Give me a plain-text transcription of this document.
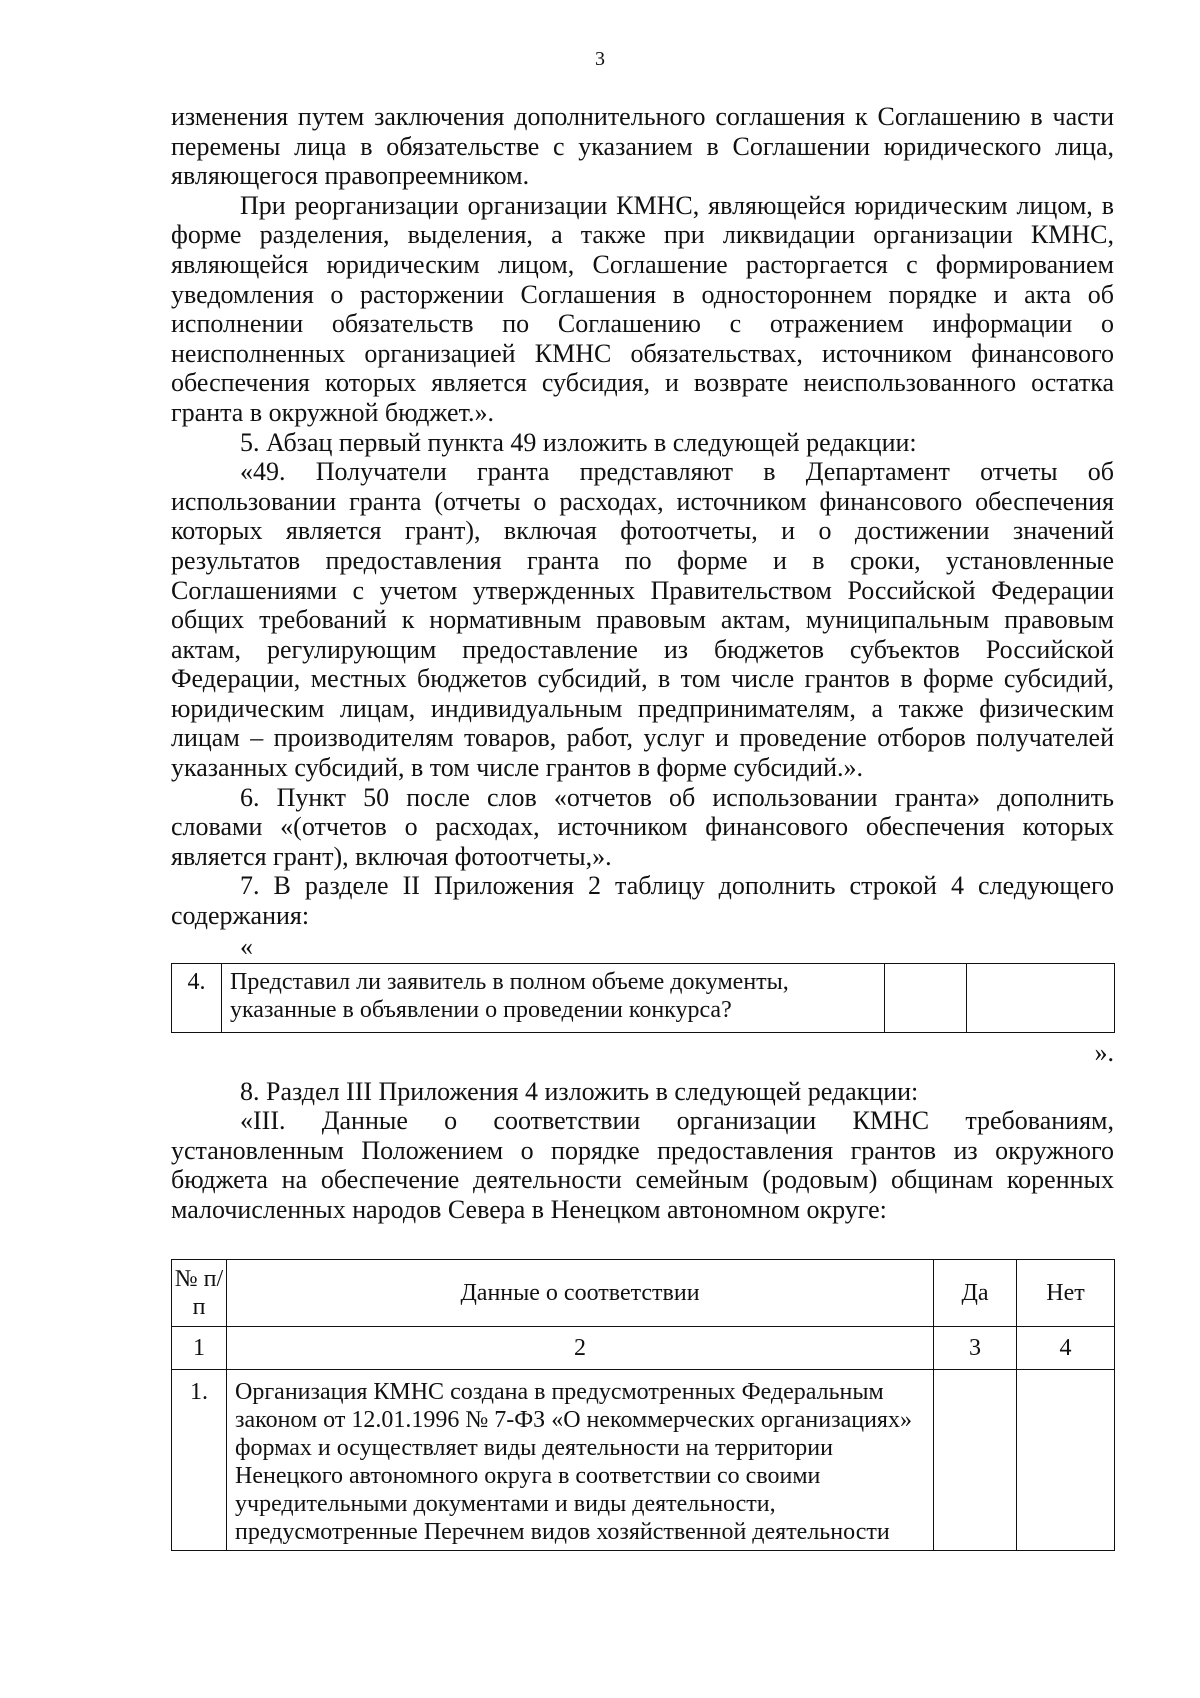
3

изменения путем заключения дополнительного соглашения к Соглашению в части перемены лица в обязательстве с указанием в Соглашении юридического лица, являющегося правопреемником.

При реорганизации организации КМНС, являющейся юридическим лицом, в форме разделения, выделения, а также при ликвидации организации КМНС, являющейся юридическим лицом, Соглашение расторгается с формированием уведомления о расторжении Соглашения в одностороннем порядке и акта об исполнении обязательств по Соглашению с отражением информации о неисполненных организацией КМНС обязательствах, источником финансового обеспечения которых является субсидия, и возврате неиспользованного остатка гранта в окружной бюджет.».

5. Абзац первый пункта 49 изложить в следующей редакции:

«49. Получатели гранта представляют в Департамент отчеты об использовании гранта (отчеты о расходах, источником финансового обеспечения которых является грант), включая фотоотчеты, и о достижении значений результатов предоставления гранта по форме и в сроки, установленные Соглашениями с учетом утвержденных Правительством Российской Федерации общих требований к нормативным правовым актам, муниципальным правовым актам, регулирующим предоставление из бюджетов субъектов Российской Федерации, местных бюджетов субсидий, в том числе грантов в форме субсидий, юридическим лицам, индивидуальным предпринимателям, а также физическим лицам – производителям товаров, работ, услуг и проведение отборов получателей указанных субсидий, в том числе грантов в форме субсидий.».

6. Пункт 50 после слов «отчетов об использовании гранта» дополнить словами «(отчетов о расходах, источником финансового обеспечения которых является грант), включая фотоотчеты,».

7. В разделе II Приложения 2 таблицу дополнить строкой 4 следующего содержания:

«
4.	Представил ли заявитель в полном объеме документы, указанные в объявлении о проведении конкурса?		
».

8. Раздел III Приложения 4 изложить в следующей редакции:

«III. Данные о соответствии организации КМНС требованиям, установленным Положением о порядке предоставления грантов из окружного бюджета на обеспечение деятельности семейным (родовым) общинам коренных малочисленных народов Севера в Ненецком автономном округе:

№ п/п	Данные о соответствии	Да	Нет
1	2	3	4
1.	Организация КМНС создана в предусмотренных Федеральным законом от 12.01.1996 № 7-ФЗ «О некоммерческих организациях» формах и осуществляет виды деятельности на территории Ненецкого автономного округа в соответствии со своими учредительными документами и виды деятельности, предусмотренные Перечнем видов хозяйственной деятельности		
